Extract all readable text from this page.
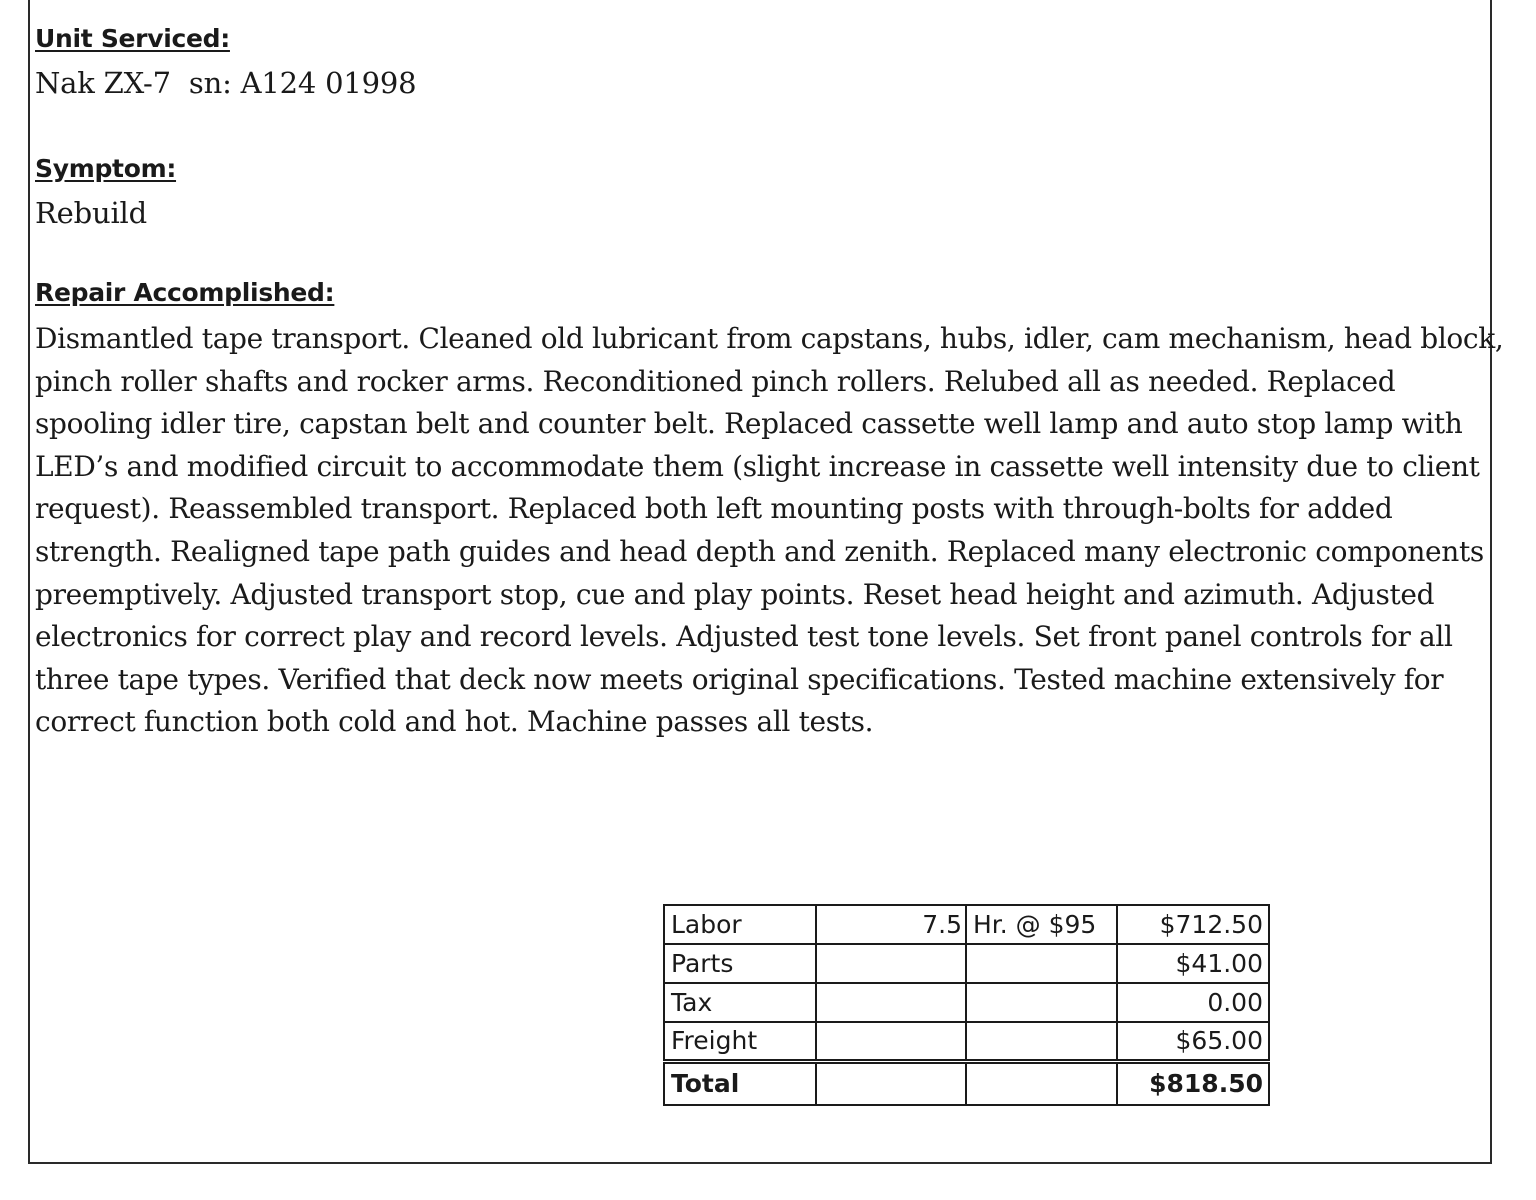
Unit Serviced:

Nak ZX-7  sn: A124 01998

Symptom:

Rebuild

Repair Accomplished:
Dismantled tape transport. Cleaned old lubricant from capstans, hubs, idler, cam mechanism, head block,
pinch roller shafts and rocker arms. Reconditioned pinch rollers. Relubed all as needed. Replaced
spooling idler tire, capstan belt and counter belt. Replaced cassette well lamp and auto stop lamp with
LED’s and modified circuit to accommodate them (slight increase in cassette well intensity due to client
request). Reassembled transport. Replaced both left mounting posts with through-bolts for added
strength. Realigned tape path guides and head depth and zenith. Replaced many electronic components
preemptively. Adjusted transport stop, cue and play points. Reset head height and azimuth. Adjusted
electronics for correct play and record levels. Adjusted test tone levels. Set front panel controls for all
three tape types. Verified that deck now meets original specifications. Tested machine extensively for
correct function both cold and hot. Machine passes all tests.
Labor	7.5	Hr. @ $95	$712.50
Parts			$41.00
Tax			0.00
Freight			$65.00
Total			$818.50
